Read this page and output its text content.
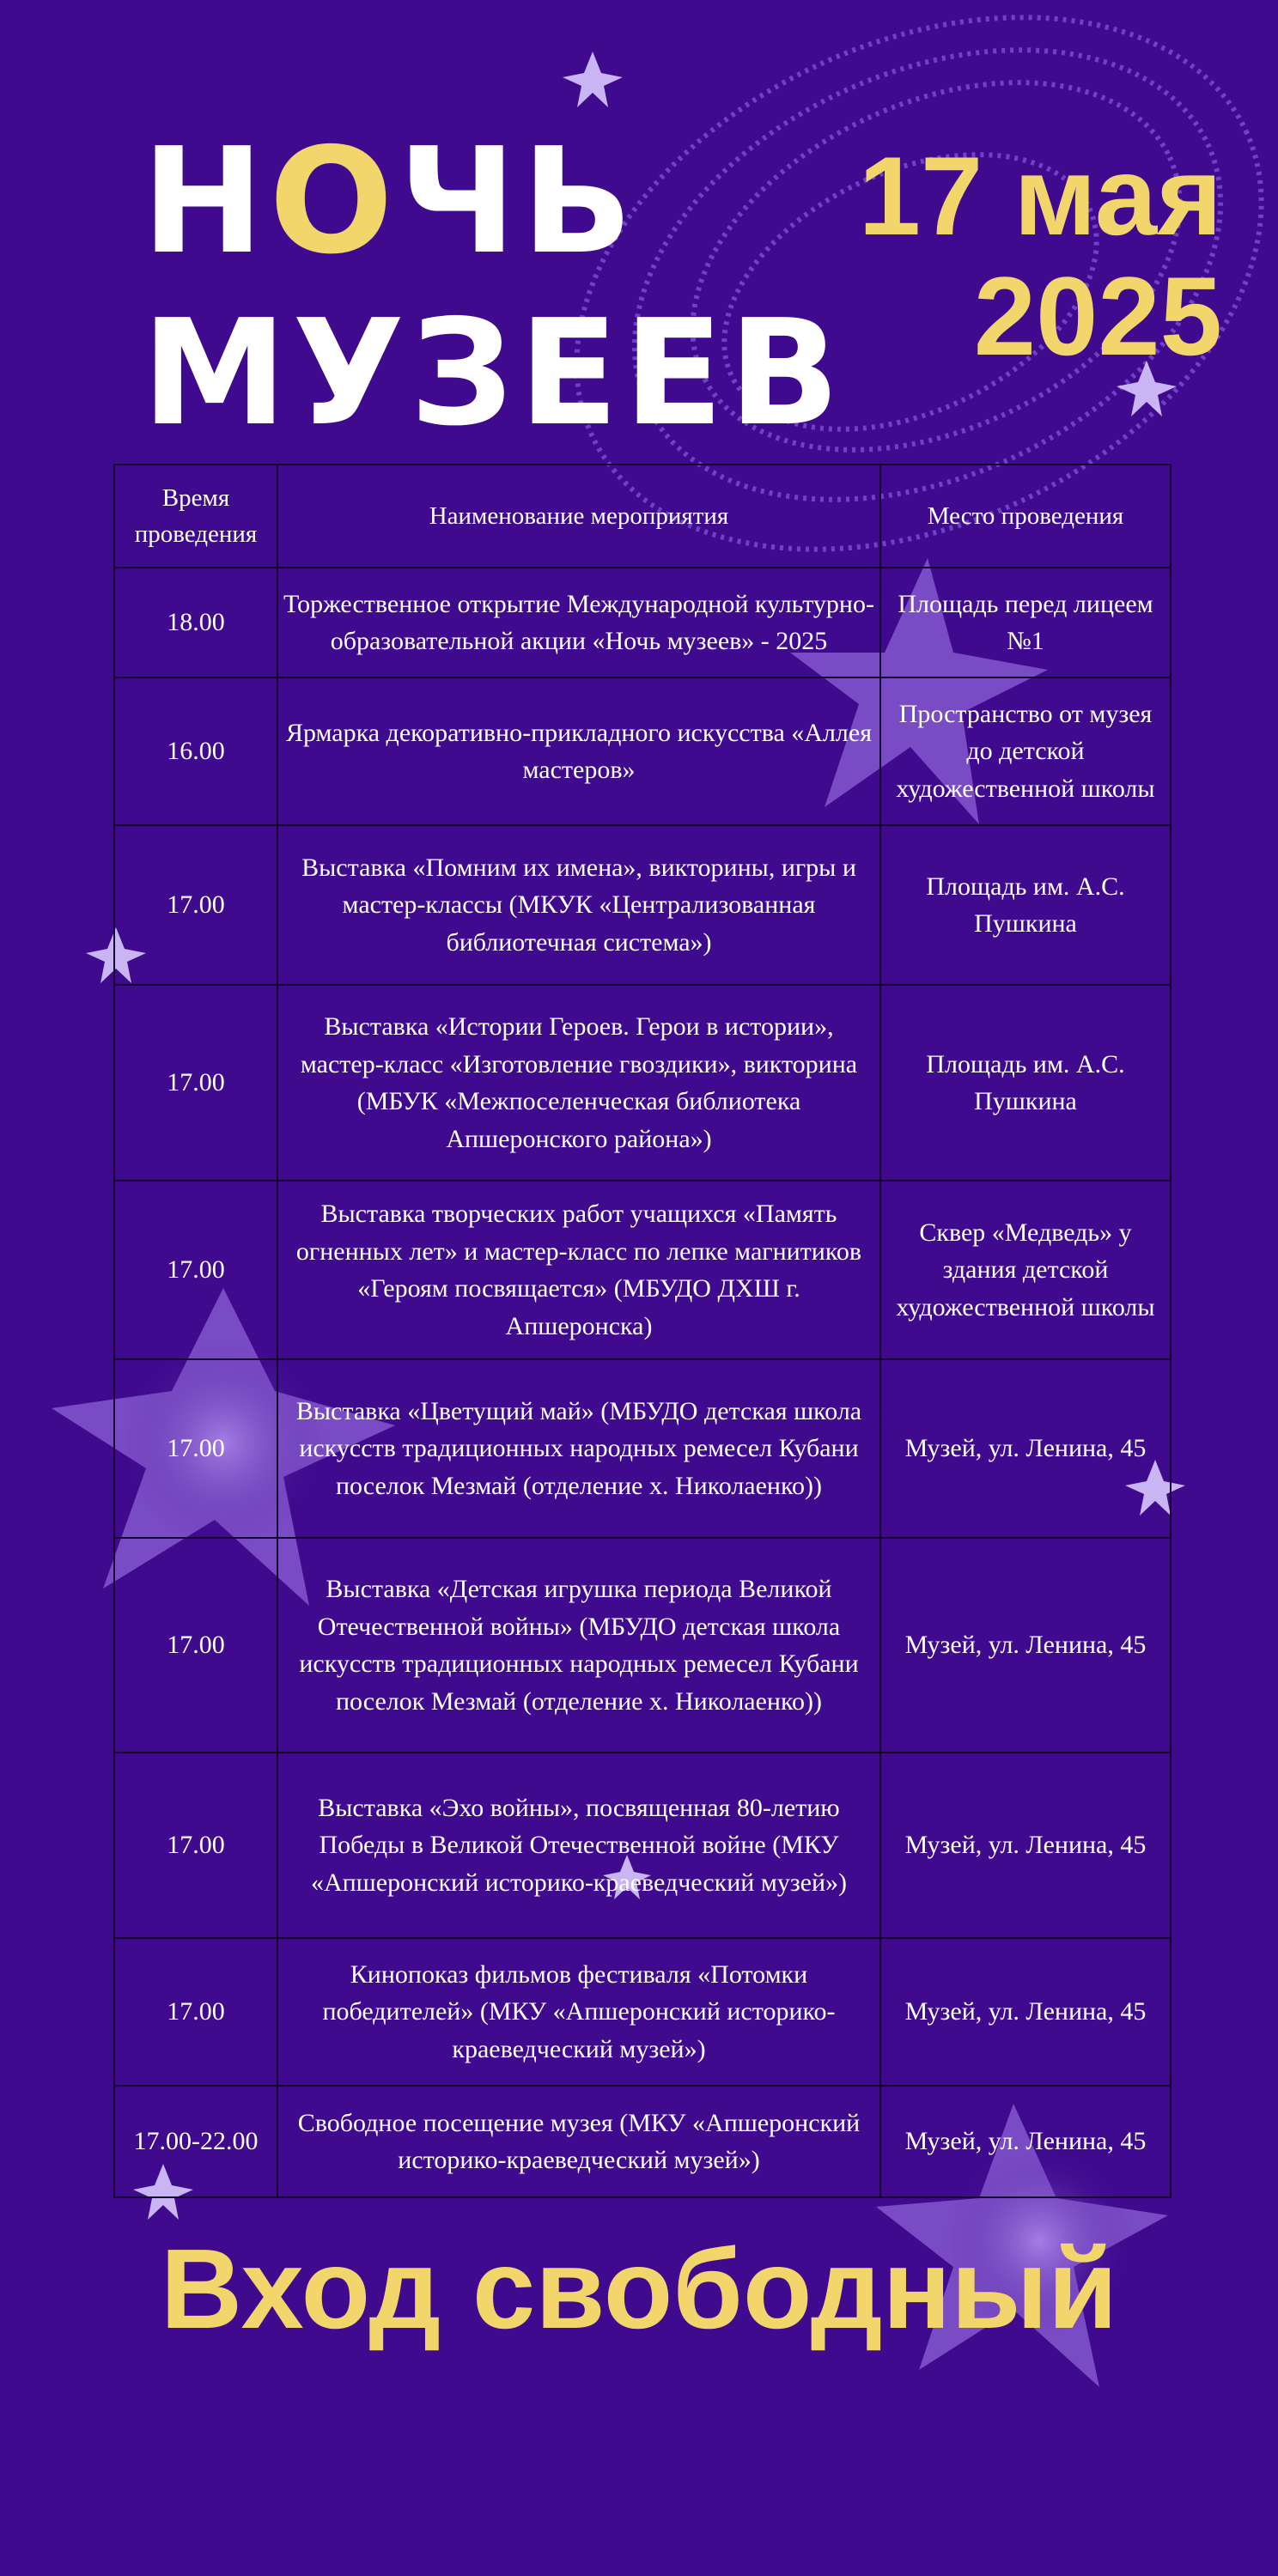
НОЧЬ
МУЗЕЕВ
17 мая
2025
Время проведения	Наименование мероприятия	Место проведения
18.00	Торжественное открытие Международной культурно-образовательной акции «Ночь музеев» - 2025	Площадь перед лицеем №1
16.00	Ярмарка декоративно-прикладного искусства «Аллея мастеров»	Пространство от музея до детской художественной школы
17.00	Выставка «Помним их имена», викторины, игры и мастер-классы (МКУК «Централизованная библиотечная система»)	Площадь им. А.С. Пушкина
17.00	Выставка «Истории Героев. Герои в истории», мастер-класс «Изготовление гвоздики», викторина (МБУК «Межпоселенческая библиотека Апшеронского района»)	Площадь им. А.С. Пушкина
17.00	Выставка творческих работ учащихся «Память огненных лет» и мастер-класс по лепке магнитиков «Героям посвящается» (МБУДО ДХШ г. Апшеронска)	Сквер «Медведь» у здания детской художественной школы
17.00	Выставка «Цветущий май» (МБУДО детская школа искусств традиционных народных ремесел Кубани поселок Мезмай (отделение х. Николаенко))	Музей, ул. Ленина, 45
17.00	Выставка «Детская игрушка периода Великой Отечественной войны» (МБУДО детская школа искусств традиционных народных ремесел Кубани поселок Мезмай (отделение х. Николаенко))	Музей, ул. Ленина, 45
17.00	Выставка «Эхо войны», посвященная 80-летию Победы в Великой Отечественной войне (МКУ «Апшеронский историко-краеведческий музей»)	Музей, ул. Ленина, 45
17.00	Кинопоказ фильмов фестиваля «Потомки победителей» (МКУ «Апшеронский историко-краеведческий музей»)	Музей, ул. Ленина, 45
17.00-22.00	Свободное посещение музея (МКУ «Апшеронский историко-краеведческий музей»)	Музей, ул. Ленина, 45
Вход свободный
